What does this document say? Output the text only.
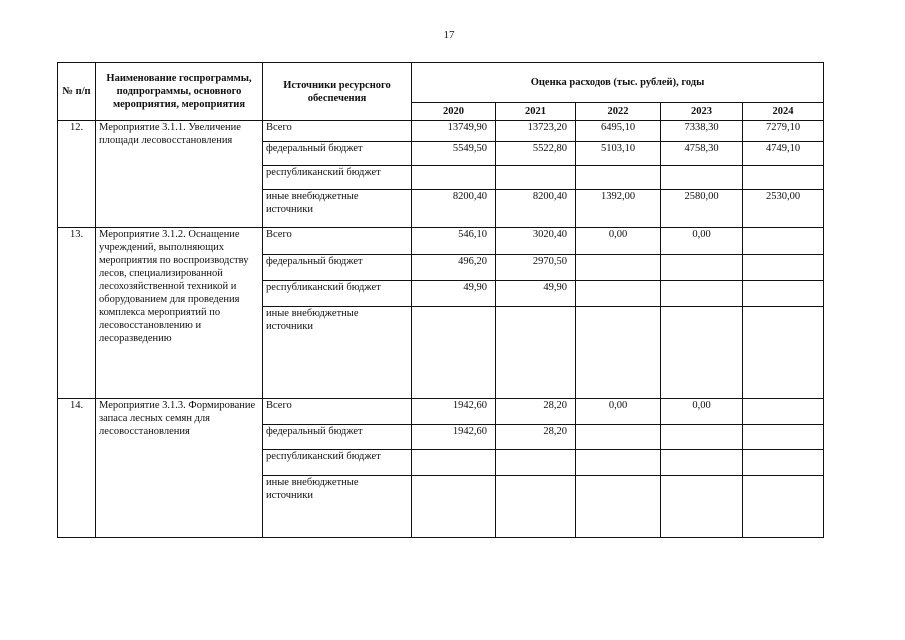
17
№ п/п	Наименование госпрограммы, подпрограммы, основного мероприятия, мероприятия	Источники ресурсного обеспечения	Оценка расходов (тыс. рублей), годы				
			2020	2021	2022	2023	2024
12.	Мероприятие 3.1.1. Увеличение площади лесовосстановления	Всего	13749,90	13723,20	6495,10	7338,30	7279,10
		федеральный бюджет	5549,50	5522,80	5103,10	4758,30	4749,10
		республиканский бюджет					
		иные внебюджетные источники	8200,40	8200,40	1392,00	2580,00	2530,00
13.	Мероприятие 3.1.2. Оснащение учреждений, выполняющих мероприятия по воспроизводству лесов, специализированной лесохозяйственной техникой и оборудованием для проведения комплекса мероприятий по лесовосстановлению и лесоразведению	Всего	546,10	3020,40	0,00	0,00	
		федеральный бюджет	496,20	2970,50			
		республиканский бюджет	49,90	49,90			
		иные внебюджетные источники					
14.	Мероприятие 3.1.3. Формирование запаса лесных семян для лесовосстановления	Всего	1942,60	28,20	0,00	0,00	
		федеральный бюджет	1942,60	28,20			
		республиканский бюджет					
		иные внебюджетные источники					
